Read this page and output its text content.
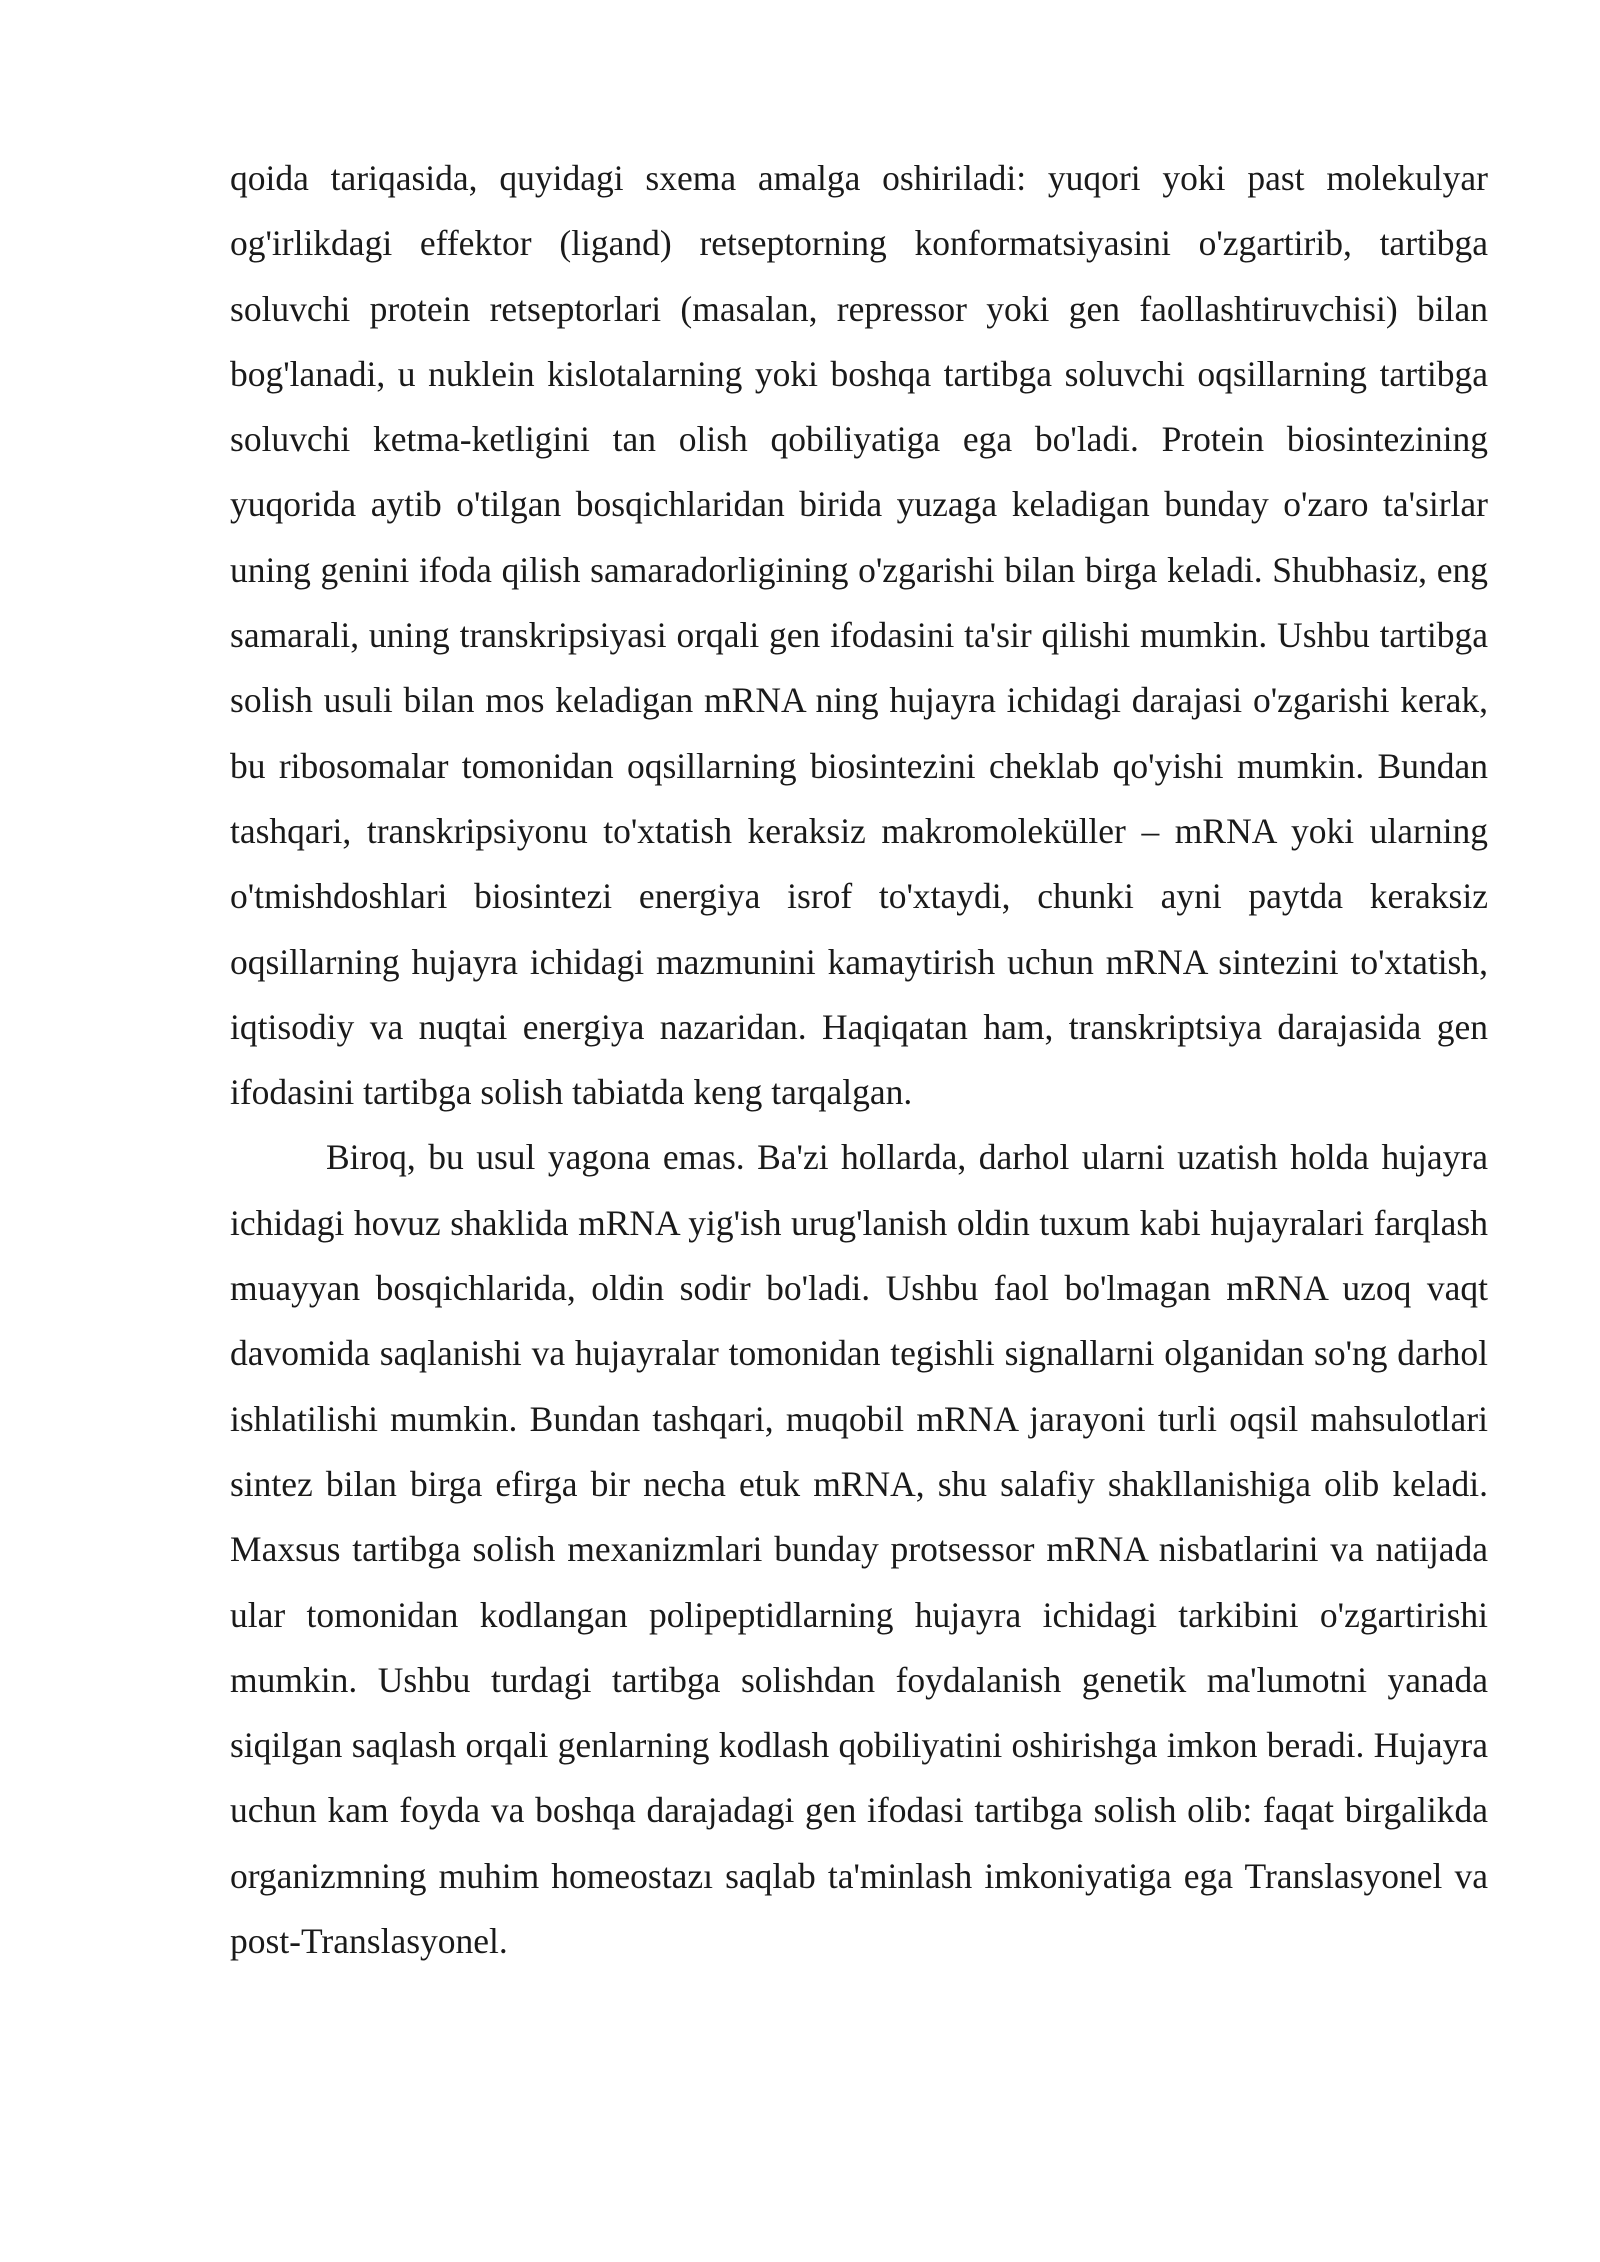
qoida tariqasida, quyidagi sxema amalga oshiriladi: yuqori yoki past molekulyar og'irlikdagi effektor (ligand) retseptorning konformatsiyasini o'zgartirib, tartibga soluvchi protein retseptorlari (masalan, repressor yoki gen faollashtiruvchisi) bilan bog'lanadi, u nuklein kislotalarning yoki boshqa tartibga soluvchi oqsillarning tartibga soluvchi ketma-ketligini tan olish qobiliyatiga ega bo'ladi. Protein biosintezining yuqorida aytib o'tilgan bosqichlaridan birida yuzaga keladigan bunday o'zaro ta'sirlar uning genini ifoda qilish samaradorligining o'zgarishi bilan birga keladi. Shubhasiz, eng samarali, uning transkripsiyasi orqali gen ifodasini ta'sir qilishi mumkin. Ushbu tartibga solish usuli bilan mos keladigan mRNA ning hujayra ichidagi darajasi o'zgarishi kerak, bu ribosomalar tomonidan oqsillarning biosintezini cheklab qo'yishi mumkin. Bundan tashqari, transkripsiyonu to'xtatish keraksiz makromoleküller – mRNA yoki ularning o'tmishdoshlari biosintezi energiya isrof to'xtaydi, chunki ayni paytda keraksiz oqsillarning hujayra ichidagi mazmunini kamaytirish uchun mRNA sintezini to'xtatish, iqtisodiy va nuqtai energiya nazaridan. Haqiqatan ham, transkriptsiya darajasida gen ifodasini tartibga solish tabiatda keng tarqalgan.

Biroq, bu usul yagona emas. Ba'zi hollarda, darhol ularni uzatish holda hujayra ichidagi hovuz shaklida mRNA yig'ish urug'lanish oldin tuxum kabi hujayralari farqlash muayyan bosqichlarida, oldin sodir bo'ladi. Ushbu faol bo'lmagan mRNA uzoq vaqt davomida saqlanishi va hujayralar tomonidan tegishli signallarni olganidan so'ng darhol ishlatilishi mumkin. Bundan tashqari, muqobil mRNA jarayoni turli oqsil mahsulotlari sintez bilan birga efirga bir necha etuk mRNA, shu salafiy shakllanishiga olib keladi. Maxsus tartibga solish mexanizmlari bunday protsessor mRNA nisbatlarini va natijada ular tomonidan kodlangan polipeptidlarning hujayra ichidagi tarkibini o'zgartirishi mumkin. Ushbu turdagi tartibga solishdan foydalanish genetik ma'lumotni yanada siqilgan saqlash orqali genlarning kodlash qobiliyatini oshirishga imkon beradi. Hujayra uchun kam foyda va boshqa darajadagi gen ifodasi tartibga solish olib: faqat birgalikda organizmning muhim homeostazı saqlab ta'minlash imkoniyatiga ega Translasyonel va post-Translasyonel.
